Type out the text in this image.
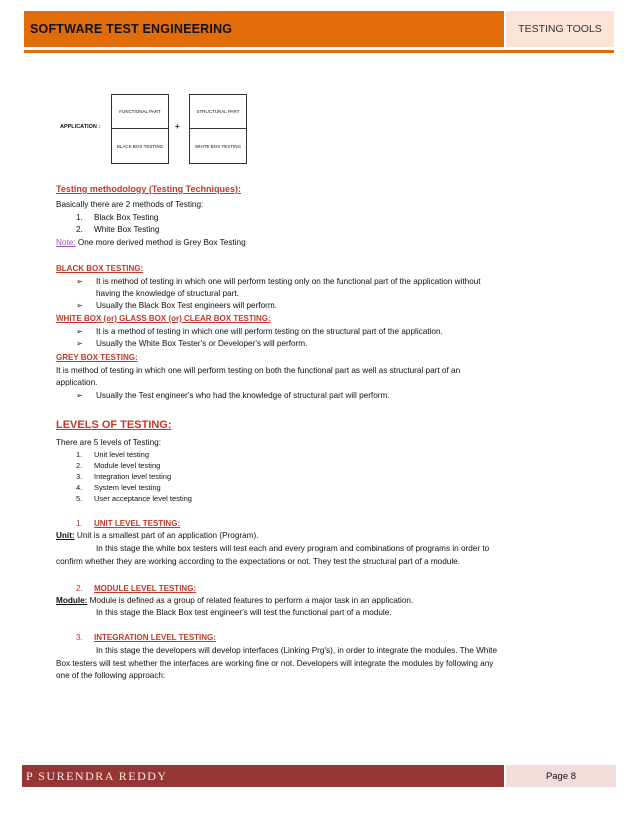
SOFTWARE TEST ENGINEERING	TESTING TOOLS
APPLICATION :
FUNCTIONAL PART
BLACK BOX TESTING
+
STRUCTURAL PART
WHITE BOX TESTING
Testing methodology (Testing Techniques):
Basically there are 2 methods of Testing:
1. Black Box Testing
2. White Box Testing
Note: One more derived method is Grey Box Testing
BLACK BOX TESTING:
➢ It is method of testing in which one will perform testing only on the functional part of the application without
having the knowledge of structural part.
➢ Usually the Black Box Test engineers will perform.
WHITE BOX (or) GLASS BOX (or) CLEAR BOX TESTING:
➢ It is a method of testing in which one will perform testing on the structural part of the application.
➢ Usually the White Box Tester's or Developer's will perform.
GREY BOX TESTING:
It is method of testing in which one will perform testing on both the functional part as well as structural part of an
application.
➢ Usually the Test engineer's who had the knowledge of structural part will perform.
LEVELS OF TESTING:
There are 5 levels of Testing:
1. Unit level testing
2. Module level testing
3. Integration level testing
4. System level testing
5. User acceptance level testing
1. UNIT LEVEL TESTING:
Unit: Unit is a smallest part of an application (Program).
In this stage the white box testers will test each and every program and combinations of programs in order to
confirm whether they are working according to the expectations or not. They test the structural part of a module.
2. MODULE LEVEL TESTING:
Module: Module is defined as a group of related features to perform a major task in an application.
In this stage the Black Box test engineer's will test the functional part of a module.
3. INTEGRATION LEVEL TESTING:
In this stage the developers will develop interfaces (Linking Prg's), in order to integrate the modules. The White
Box testers will test whether the interfaces are working fine or not. Developers will integrate the modules by following any
one of the following approach:
P SURENDRA REDDY	Page 8
